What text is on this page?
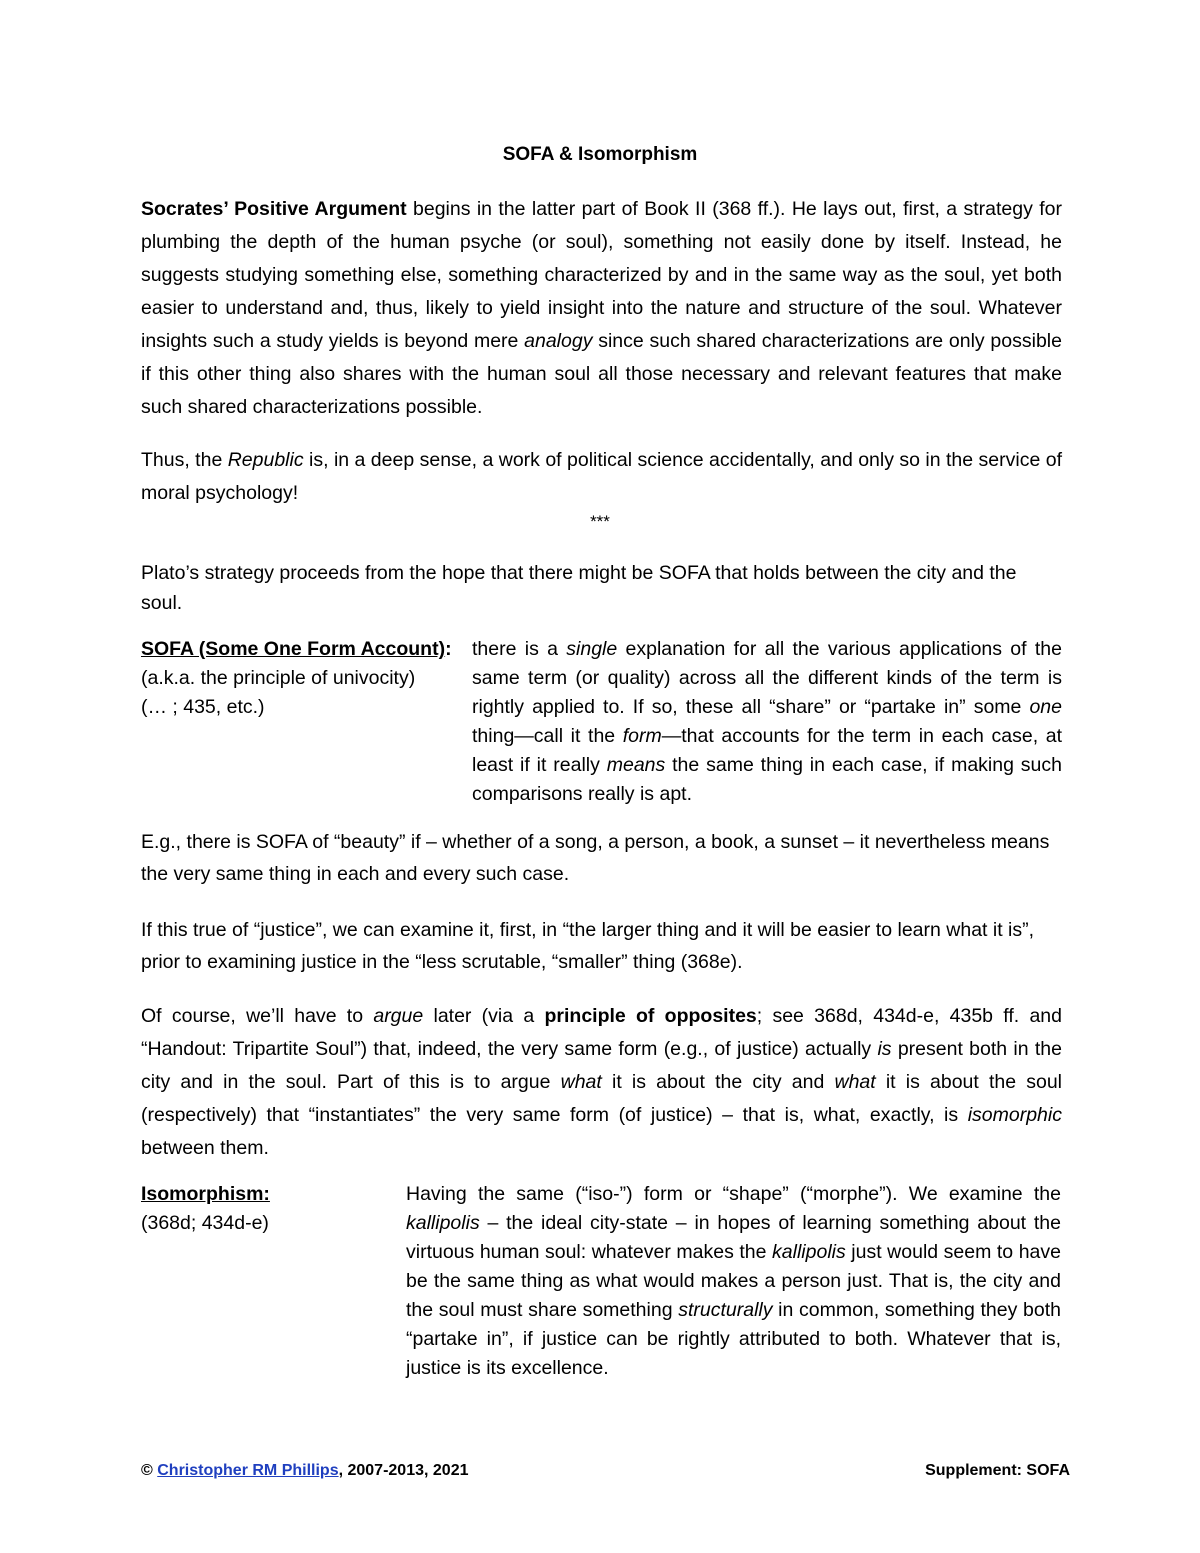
SOFA & Isomorphism
Socrates’ Positive Argument begins in the latter part of Book II (368 ff.). He lays out, first, a strategy for plumbing the depth of the human psyche (or soul), something not easily done by itself. Instead, he suggests studying something else, something characterized by and in the same way as the soul, yet both easier to understand and, thus, likely to yield insight into the nature and structure of the soul. Whatever insights such a study yields is beyond mere analogy since such shared characterizations are only possible if this other thing also shares with the human soul all those necessary and relevant features that make such shared characterizations possible.
Thus, the Republic is, in a deep sense, a work of political science accidentally, and only so in the service of moral psychology!
***
Plato’s strategy proceeds from the hope that there might be SOFA that holds between the city and the soul.
SOFA (Some One Form Account):
(a.k.a. the principle of univocity)
(… ; 435, etc.)
there is a single explanation for all the various applications of the same term (or quality) across all the different kinds of the term is rightly applied to. If so, these all “share” or “partake in” some one thing—call it the form—that accounts for the term in each case, at least if it really means the same thing in each case, if making such comparisons really is apt.
E.g., there is SOFA of “beauty” if – whether of a song, a person, a book, a sunset – it nevertheless means the very same thing in each and every such case.
If this true of “justice”, we can examine it, first, in “the larger thing and it will be easier to learn what it is”, prior to examining justice in the “less scrutable, “smaller” thing (368e).
Of course, we’ll have to argue later (via a principle of opposites; see 368d, 434d-e, 435b ff. and “Handout: Tripartite Soul”) that, indeed, the very same form (e.g., of justice) actually is present both in the city and in the soul. Part of this is to argue what it is about the city and what it is about the soul (respectively) that “instantiates” the very same form (of justice) – that is, what, exactly, is isomorphic between them.
Isomorphism:
(368d; 434d-e)
Having the same (“iso-”) form or “shape” (“morphe”). We examine the kallipolis – the ideal city-state – in hopes of learning something about the virtuous human soul: whatever makes the kallipolis just would seem to have be the same thing as what would makes a person just. That is, the city and the soul must share something structurally in common, something they both “partake in”, if justice can be rightly attributed to both. Whatever that is, justice is its excellence.
© Christopher RM Phillips, 2007-2013, 2021	Supplement: SOFA
